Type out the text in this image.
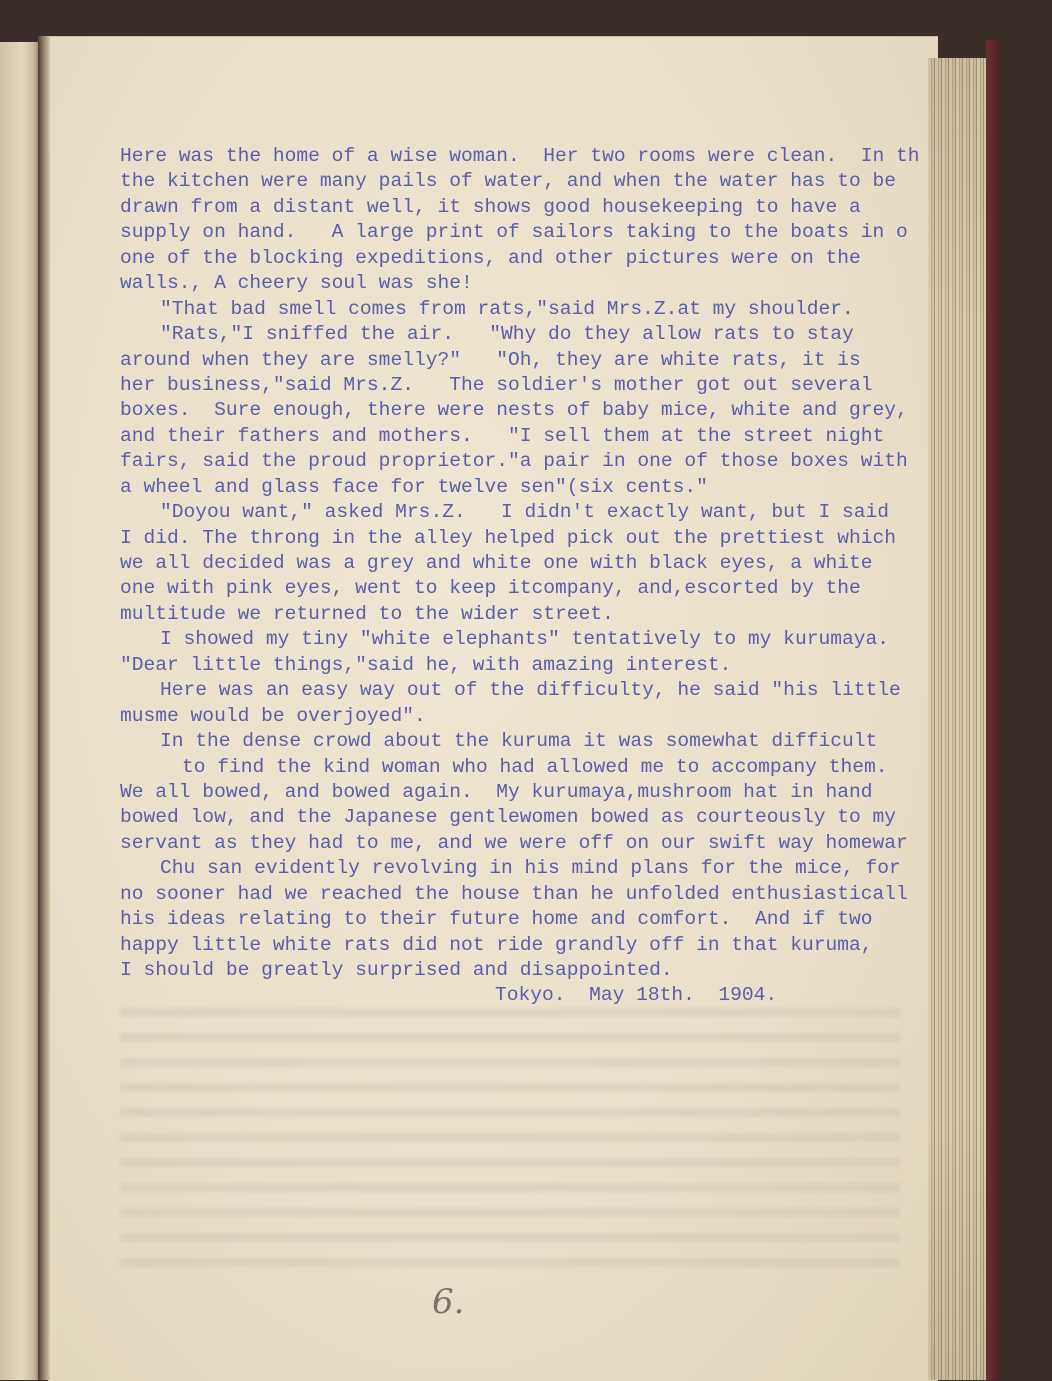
Here was the home of a wise woman.  Her two rooms were clean.  In th
the kitchen were many pails of water, and when the water has to be
drawn from a distant well, it shows good housekeeping to have a
supply on hand.   A large print of sailors taking to the boats in o
one of the blocking expeditions, and other pictures were on the
walls., A cheery soul was she!
"That bad smell comes from rats,"said Mrs.Z.at my shoulder.
"Rats,"I sniffed the air.   "Why do they allow rats to stay
around when they are smelly?"   "Oh, they are white rats, it is
her business,"said Mrs.Z.   The soldier's mother got out several
boxes.  Sure enough, there were nests of baby mice, white and grey,
and their fathers and mothers.   "I sell them at the street night
fairs, said the proud proprietor."a pair in one of those boxes with
a wheel and glass face for twelve sen"(six cents."
"Doyou want," asked Mrs.Z.   I didn't exactly want, but I said
I did. The throng in the alley helped pick out the prettiest which
we all decided was a grey and white one with black eyes, a white
one with pink eyes, went to keep itcompany, and,escorted by the
multitude we returned to the wider street.
I showed my tiny "white elephants" tentatively to my kurumaya.
"Dear little things,"said he, with amazing interest.
Here was an easy way out of the difficulty, he said "his little
musme would be overjoyed".
In the dense crowd about the kuruma it was somewhat difficult
to find the kind woman who had allowed me to accompany them.
We all bowed, and bowed again.  My kurumaya,mushroom hat in hand
bowed low, and the Japanese gentlewomen bowed as courteously to my
servant as they had to me, and we were off on our swift way homewar
Chu san evidently revolving in his mind plans for the mice, for
no sooner had we reached the house than he unfolded enthusiasticall
his ideas relating to their future home and comfort.  And if two
happy little white rats did not ride grandly off in that kuruma,
I should be greatly surprised and disappointed.
Tokyo.  May 18th.  1904.
6.
